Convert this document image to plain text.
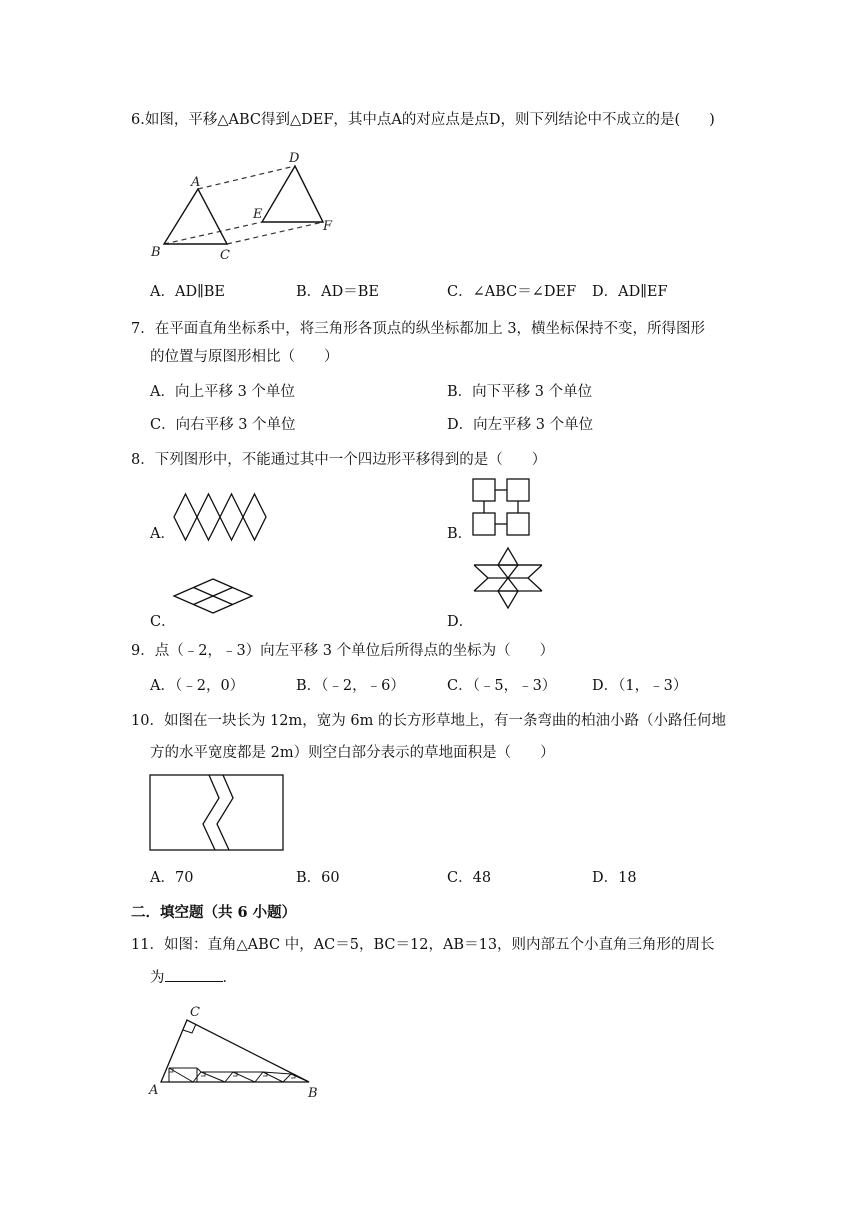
6.如图，平移△ABC得到△DEF，其中点A的对应点是点D，则下列结论中不成立的是(　　)
A
B	C
D
E
F
A．AD∥BE	B．AD＝BE	C．∠ABC＝∠DEF D．AD∥EF
7．在平面直角坐标系中，将三角形各顶点的纵坐标都加上 3，横坐标保持不变，所得图形
的位置与原图形相比（　　）
A．向上平移 3 个单位	B．向下平移 3 个单位
C．向右平移 3 个单位	D．向左平移 3 个单位
8．下列图形中，不能通过其中一个四边形平移得到的是（　　）
A．	B．
C．	D．
9．点（﹣2，﹣3）向左平移 3 个单位后所得点的坐标为（　　）
A．（﹣2，0）	B．（﹣2，﹣6）	C．（﹣5，﹣3） D．（1，﹣3）
10．如图在一块长为 12m，宽为 6m 的长方形草地上，有一条弯曲的柏油小路（小路任何地
方的水平宽度都是 2m）则空白部分表示的草地面积是（　　）
A．70	B．60	C．48	D．18
二．填空题（共 6 小题）
11．如图：直角△ABC 中，AC＝5，BC＝12，AB＝13，则内部五个小直角三角形的周长
为	．
C
A	B
